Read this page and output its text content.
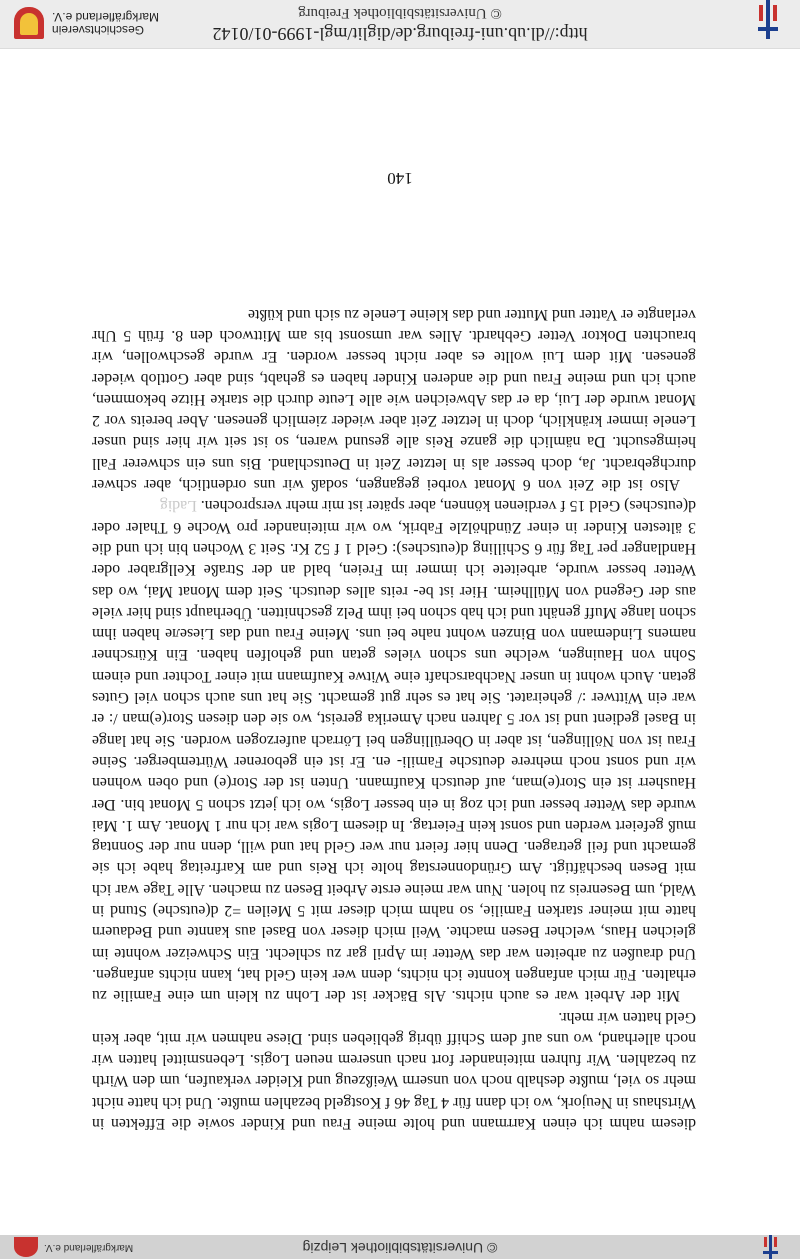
© Universitätsbibliothek Leipzig
Markgräflerland e.V.

diesem nahm ich einen Karrmann und holte meine Frau und Kinder sowie die Effekten in Wirtshaus in Neujork, wo ich dann für 4 Tag 46 f Kostgeld bezahlen mußte. Und ich hatte nicht mehr so viel, mußte deshalb noch von unserm Weißzeug und Kleider verkaufen, um den Wirth zu bezahlen. Wir fuhren miteinander fort nach unserem neuen Logis. Lebensmittel hatten wir noch allerhand, wo uns auf dem Schiff übrig geblieben sind. Diese nahmen wir mit, aber kein Geld hatten wir mehr.

Mit der Arbeit war es auch nichts. Als Bäcker ist der Lohn zu klein um eine Familie zu erhalten. Für mich anfangen konnte ich nichts, denn wer kein Geld hat, kann nichts anfangen. Und draußen zu arbeiten war das Wetter im April gar zu schlecht. Ein Schweizer wohnte im gleichen Haus, welcher Besen machte. Weil mich dieser von Basel aus kannte und Bedauern hatte mit meiner starken Familie, so nahm mich dieser mit 5 Meilen =2 d(eutsche) Stund in Wald, um Besenreis zu holen. Nun war meine erste Arbeit Besen zu machen. Alle Tage war ich mit Besen beschäftigt. Am Gründonnerstag holte ich Reis und am Karfreitag habe ich sie gemacht und feil getragen. Denn hier feiert nur wer Geld hat und will, denn nur der Sonntag muß gefeiert werden und sonst kein Feiertag. In diesem Logis war ich nur 1 Monat. Am 1. Mai wurde das Wetter besser und ich zog in ein besser Logis, wo ich jetzt schon 5 Monat bin. Der Hausherr ist ein Stor(e)man, auf deutsch Kaufmann. Unten ist der Stor(e) und oben wohnen wir und sonst noch mehrere deutsche Famili- en. Er ist ein geborener Würtemberger. Seine Frau ist von Nöllingen, ist aber in Oberüllingen bei Lörrach auferzogen worden. Sie hat lange in Basel gedient und ist vor 5 Jahren nach Amerika gereist, wo sie den diesen Stor(e)man /: er war ein Wittwer :/ geheiratet. Sie hat es sehr gut gemacht. Sie hat uns auch schon viel Gutes getan. Auch wohnt in unser Nachbarschaft eine Witwe Kaufmann mit einer Tochter und einem Sohn von Hauingen, welche uns schon vieles getan und geholfen haben. Ein Kürschner namens Lindemann von Binzen wohnt nahe bei uns. Meine Frau und das Lieseле haben ihm schon lange Muff genäht und ich hab schon bei ihm Pelz geschnitten. Überhaupt sind hier viele aus der Gegend von Müllheim. Hier ist be- reits alles deutsch. Seit dem Monat Mai, wo das Wetter besser wurde, arbeitete ich immer im Freien, bald an der Straße Kellgraber oder Handlanger per Tag für 6 Schilling d(eutsches): Geld 1 f 52 Kr. Seit 3 Wochen bin ich und die 3 ältesten Kinder in einer Zündhölzle Fabrik, wo wir miteinander pro Woche 6 Thaler oder d(eutsches) Geld 15 f verdienen können, aber später ist mir mehr versprochen. Ladig

Also ist die Zeit von 6 Monat vorbei gegangen, sodaß wir uns ordentlich, aber schwer durchgebracht. Ja, doch besser als in letzter Zeit in Deutschland. Bis uns ein schwerer Fall heimgesucht. Da nämlich die ganze Reis alle gesund waren, so ist seit wir hier sind unser Lenele immer kränklich, doch in letzter Zeit aber wieder ziemlich genesen. Aber bereits vor 2 Monat wurde der Lui, da er das Abweichen wie alle Leute durch die starke Hitze bekommen, auch ich und meine Frau und die anderen Kinder haben es gehabt, sind aber Gottlob wieder genesen. Mit dem Lui wollte es aber nicht besser worden. Er wurde geschwollen, wir brauchten Doktor Vetter Gebhardt. Alles war umsonst bis am Mittwoch den 8. früh 5 Uhr verlangte er Vatter und Mutter und das kleine Lenele zu sich und küßte

140
http://dl.ub.uni-freiburg.de/diglit/mgl-1999-01/0142
© Universitätsbibliothek Freiburg
Geschichtsverein
Markgräflerland e.V.
